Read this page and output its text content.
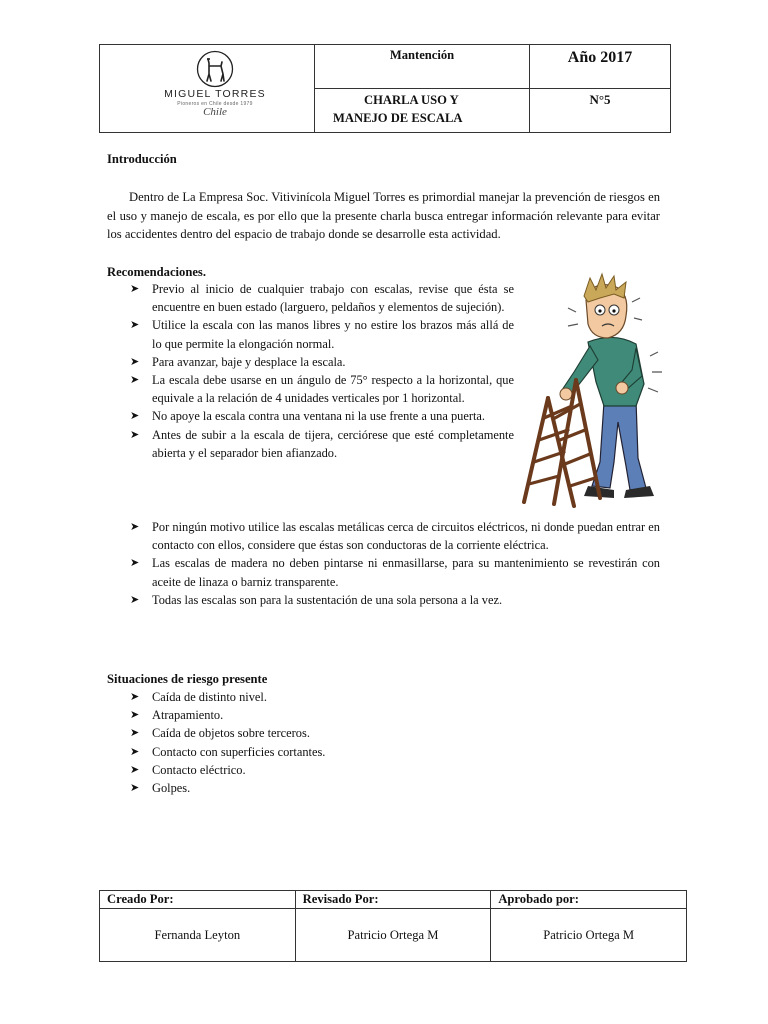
	Mantención	Año 2017

	CHARLA USO Y
MANEJO DE ESCALA	N°5
MIGUEL TORRES
Pioneros en Chile desde 1979
Chile
Introducción
Dentro de La Empresa Soc. Vitivinícola Miguel Torres es primordial manejar la prevención de riesgos en el uso y manejo de escala, es por ello que la presente charla busca entregar información relevante para evitar los accidentes dentro del espacio de trabajo donde se desarrolle esta actividad.
Recomendaciones.
➤ Previo al inicio de cualquier trabajo con escalas, revise que ésta se encuentre en buen estado (larguero, peldaños y elementos de sujeción).
➤ Utilice la escala con las manos libres y no estire los brazos más allá de lo que permite la elongación normal.
➤ Para avanzar, baje y desplace la escala.
➤ La escala debe usarse en un ángulo de 75° respecto a la horizontal, que equivale a la relación de 4 unidades verticales por 1 horizontal.
➤ No apoye la escala contra una ventana ni la use frente a una puerta.
➤ Antes de subir a la escala de tijera, cerciórese que esté completamente abierta y el separador bien afianzado.
➤ Por ningún motivo utilice las escalas metálicas cerca de circuitos eléctricos, ni donde puedan entrar en contacto con ellos, considere que éstas son conductoras de la corriente eléctrica.
➤ Las escalas de madera no deben pintarse ni enmasillarse, para su mantenimiento se revestirán con aceite de linaza o barniz transparente.
➤ Todas las escalas son para la sustentación de una sola persona a la vez.
Situaciones de riesgo presente
➤ Caída de distinto nivel.
➤ Atrapamiento.
➤ Caída de objetos sobre terceros.
➤ Contacto con superficies cortantes.
➤ Contacto eléctrico.
➤ Golpes.
Creado Por:	Revisado Por:	Aprobado por:
Fernanda Leyton	Patricio Ortega M	Patricio Ortega M
